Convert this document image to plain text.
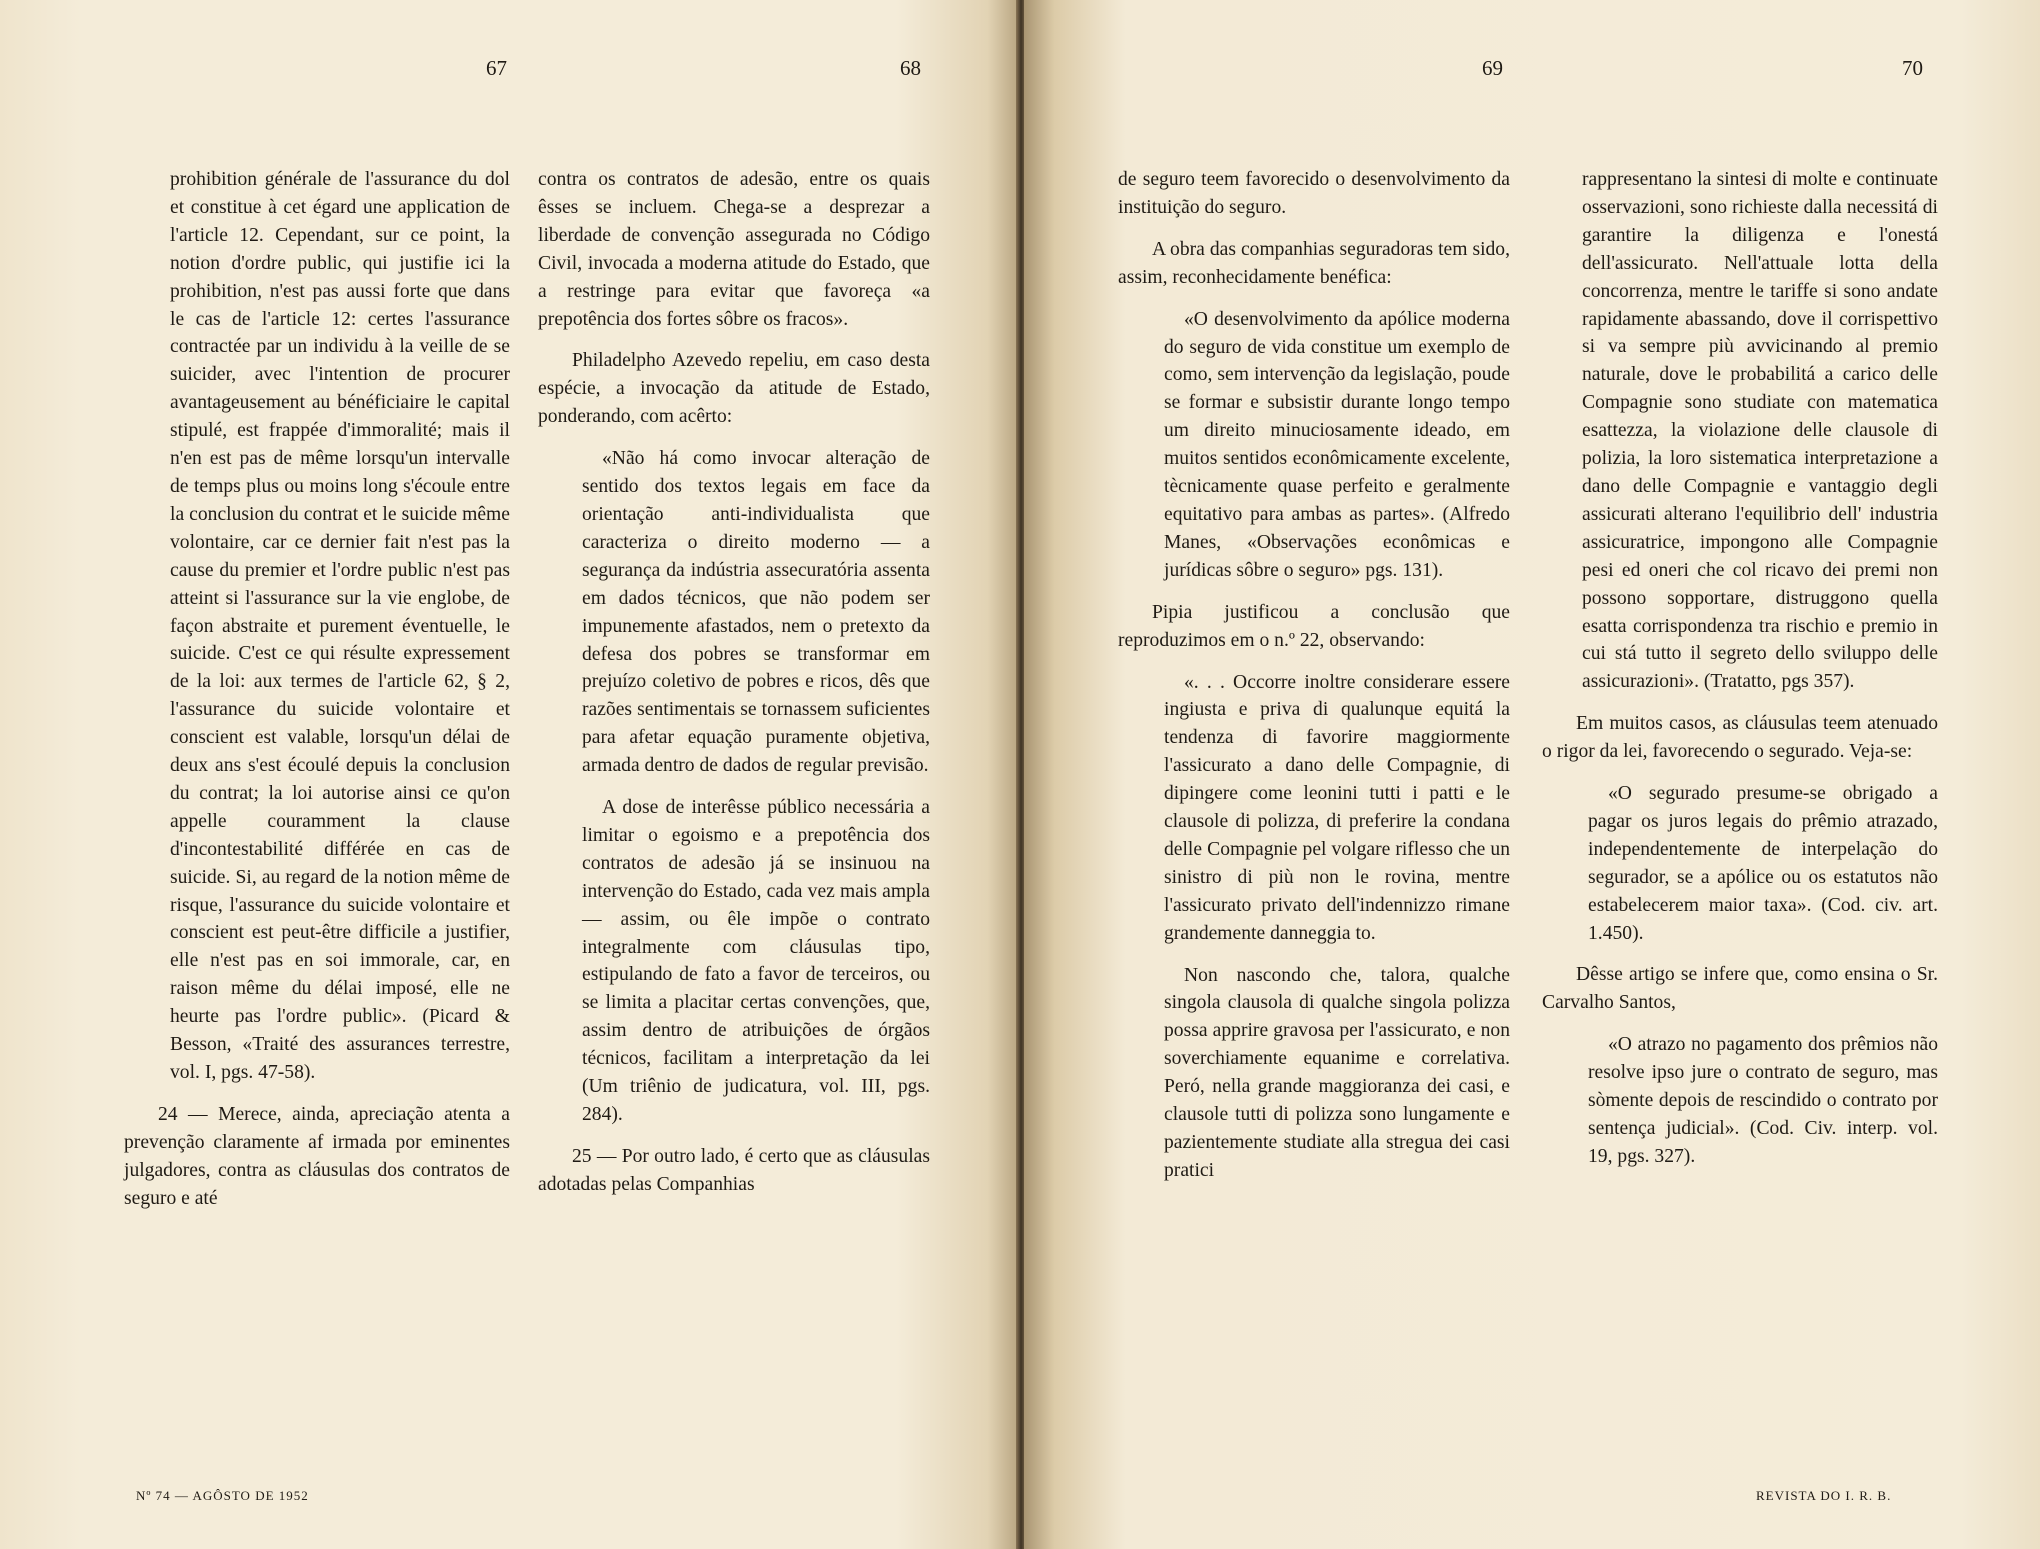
67	68	69	70

prohibition générale de l'assurance du dol et constitue à cet égard une application de l'article 12. Cependant, sur ce point, la notion d'ordre public, qui justifie ici la prohibition, n'est pas aussi forte que dans le cas de l'article 12: certes l'assurance contractée par un individu à la veille de se suicider, avec l'intention de procurer avantageusement au bénéficiaire le capital stipulé, est frappée d'immoralité; mais il n'en est pas de même lorsqu'un intervalle de temps plus ou moins long s'écoule entre la conclusion du contrat et le suicide même volontaire, car ce dernier fait n'est pas la cause du premier et l'ordre public n'est pas atteint si l'assurance sur la vie englobe, de façon abstraite et purement éventuelle, le suicide. C'est ce qui résulte expressement de la loi: aux termes de l'article 62, § 2, l'assurance du suicide volontaire et conscient est valable, lorsqu'un délai de deux ans s'est écoulé depuis la conclusion du contrat; la loi autorise ainsi ce qu'on appelle couramment la clause d'incontestabilité différée en cas de suicide. Si, au regard de la notion même de risque, l'assurance du suicide volontaire et conscient est peut-être difficile a justifier, elle n'est pas en soi immorale, car, en raison même du délai imposé, elle ne heurte pas l'ordre public». (Picard & Besson, «Traité des assurances terrestre, vol. I, pgs. 47-58).

24 — Merece, ainda, apreciação atenta a prevenção claramente af irmada por eminentes julgadores, contra as cláusulas dos contratos de seguro e até

contra os contratos de adesão, entre os quais êsses se incluem. Chega-se a desprezar a liberdade de convenção assegurada no Código Civil, invocada a moderna atitude do Estado, que a restringe para evitar que favoreça «a prepotência dos fortes sôbre os fracos».

Philadelpho Azevedo repeliu, em caso desta espécie, a invocação da atitude de Estado, ponderando, com acêrto:

«Não há como invocar alteração de sentido dos textos legais em face da orientação anti-individualista que caracteriza o direito moderno — a segurança da indústria assecuratória assenta em dados técnicos, que não podem ser impunemente afastados, nem o pretexto da defesa dos pobres se transformar em prejuízo coletivo de pobres e ricos, dês que razões sentimentais se tornassem suficientes para afetar equação puramente objetiva, armada dentro de dados de regular previsão.

A dose de interêsse público necessária a limitar o egoismo e a prepotência dos contratos de adesão já se insinuou na intervenção do Estado, cada vez mais ampla — assim, ou êle impõe o contrato integralmente com cláusulas tipo, estipulando de fato a favor de terceiros, ou se limita a placitar certas convenções, que, assim dentro de atribuições de órgãos técnicos, facilitam a interpretação da lei (Um triênio de judicatura, vol. III, pgs. 284).

25 — Por outro lado, é certo que as cláusulas adotadas pelas Companhias

de seguro teem favorecido o desenvolvimento da instituição do seguro.

A obra das companhias seguradoras tem sido, assim, reconhecidamente benéfica:

«O desenvolvimento da apólice moderna do seguro de vida constitue um exemplo de como, sem intervenção da legislação, poude se formar e subsistir durante longo tempo um direito minuciosamente ideado, em muitos sentidos econômicamente excelente, tècnicamente quase perfeito e geralmente equitativo para ambas as partes». (Alfredo Manes, «Observações econômicas e jurídicas sôbre o seguro» pgs. 131).

Pipia justificou a conclusão que reproduzimos em o n.º 22, observando:

«. . . Occorre inoltre considerare essere ingiusta e priva di qualunque equitá la tendenza di favorire maggiormente l'assicurato a dano delle Compagnie, di dipingere come leonini tutti i patti e le clausole di polizza, di preferire la condana delle Compagnie pel volgare riflesso che un sinistro di più non le rovina, mentre l'assicurato privato dell'indennizzo rimane grandemente danneggia to.

Non nascondo che, talora, qualche singola clausola di qualche singola polizza possa apprire gravosa per l'assicurato, e non soverchiamente equanime e correlativa. Peró, nella grande maggioranza dei casi, e clausole tutti di polizza sono lungamente e pazientemente studiate alla stregua dei casi pratici

rappresentano la sintesi di molte e continuate osservazioni, sono richieste dalla necessitá di garantire la diligenza e l'onestá dell'assicurato. Nell'attuale lotta della concorrenza, mentre le tariffe si sono andate rapidamente abassando, dove il corrispettivo si va sempre più avvicinando al premio naturale, dove le probabilitá a carico delle Compagnie sono studiate con matematica esattezza, la violazione delle clausole di polizia, la loro sistematica interpretazione a dano delle Compagnie e vantaggio degli assicurati alterano l'equilibrio dell' industria assicuratrice, impongono alle Compagnie pesi ed oneri che col ricavo dei premi non possono sopportare, distruggono quella esatta corrispondenza tra rischio e premio in cui stá tutto il segreto dello sviluppo delle assicurazioni». (Tratatto, pgs 357).

Em muitos casos, as cláusulas teem atenuado o rigor da lei, favorecendo o segurado. Veja-se:

«O segurado presume-se obrigado a pagar os juros legais do prêmio atrazado, independentemente de interpelação do segurador, se a apólice ou os estatutos não estabelecerem maior taxa». (Cod. civ. art. 1.450).

Dêsse artigo se infere que, como ensina o Sr. Carvalho Santos,

«O atrazo no pagamento dos prêmios não resolve ipso jure o contrato de seguro, mas sòmente depois de rescindido o contrato por sentença judicial». (Cod. Civ. interp. vol. 19, pgs. 327).

Nº 74 — AGÔSTO DE 1952	REVISTA DO I. R. B.
